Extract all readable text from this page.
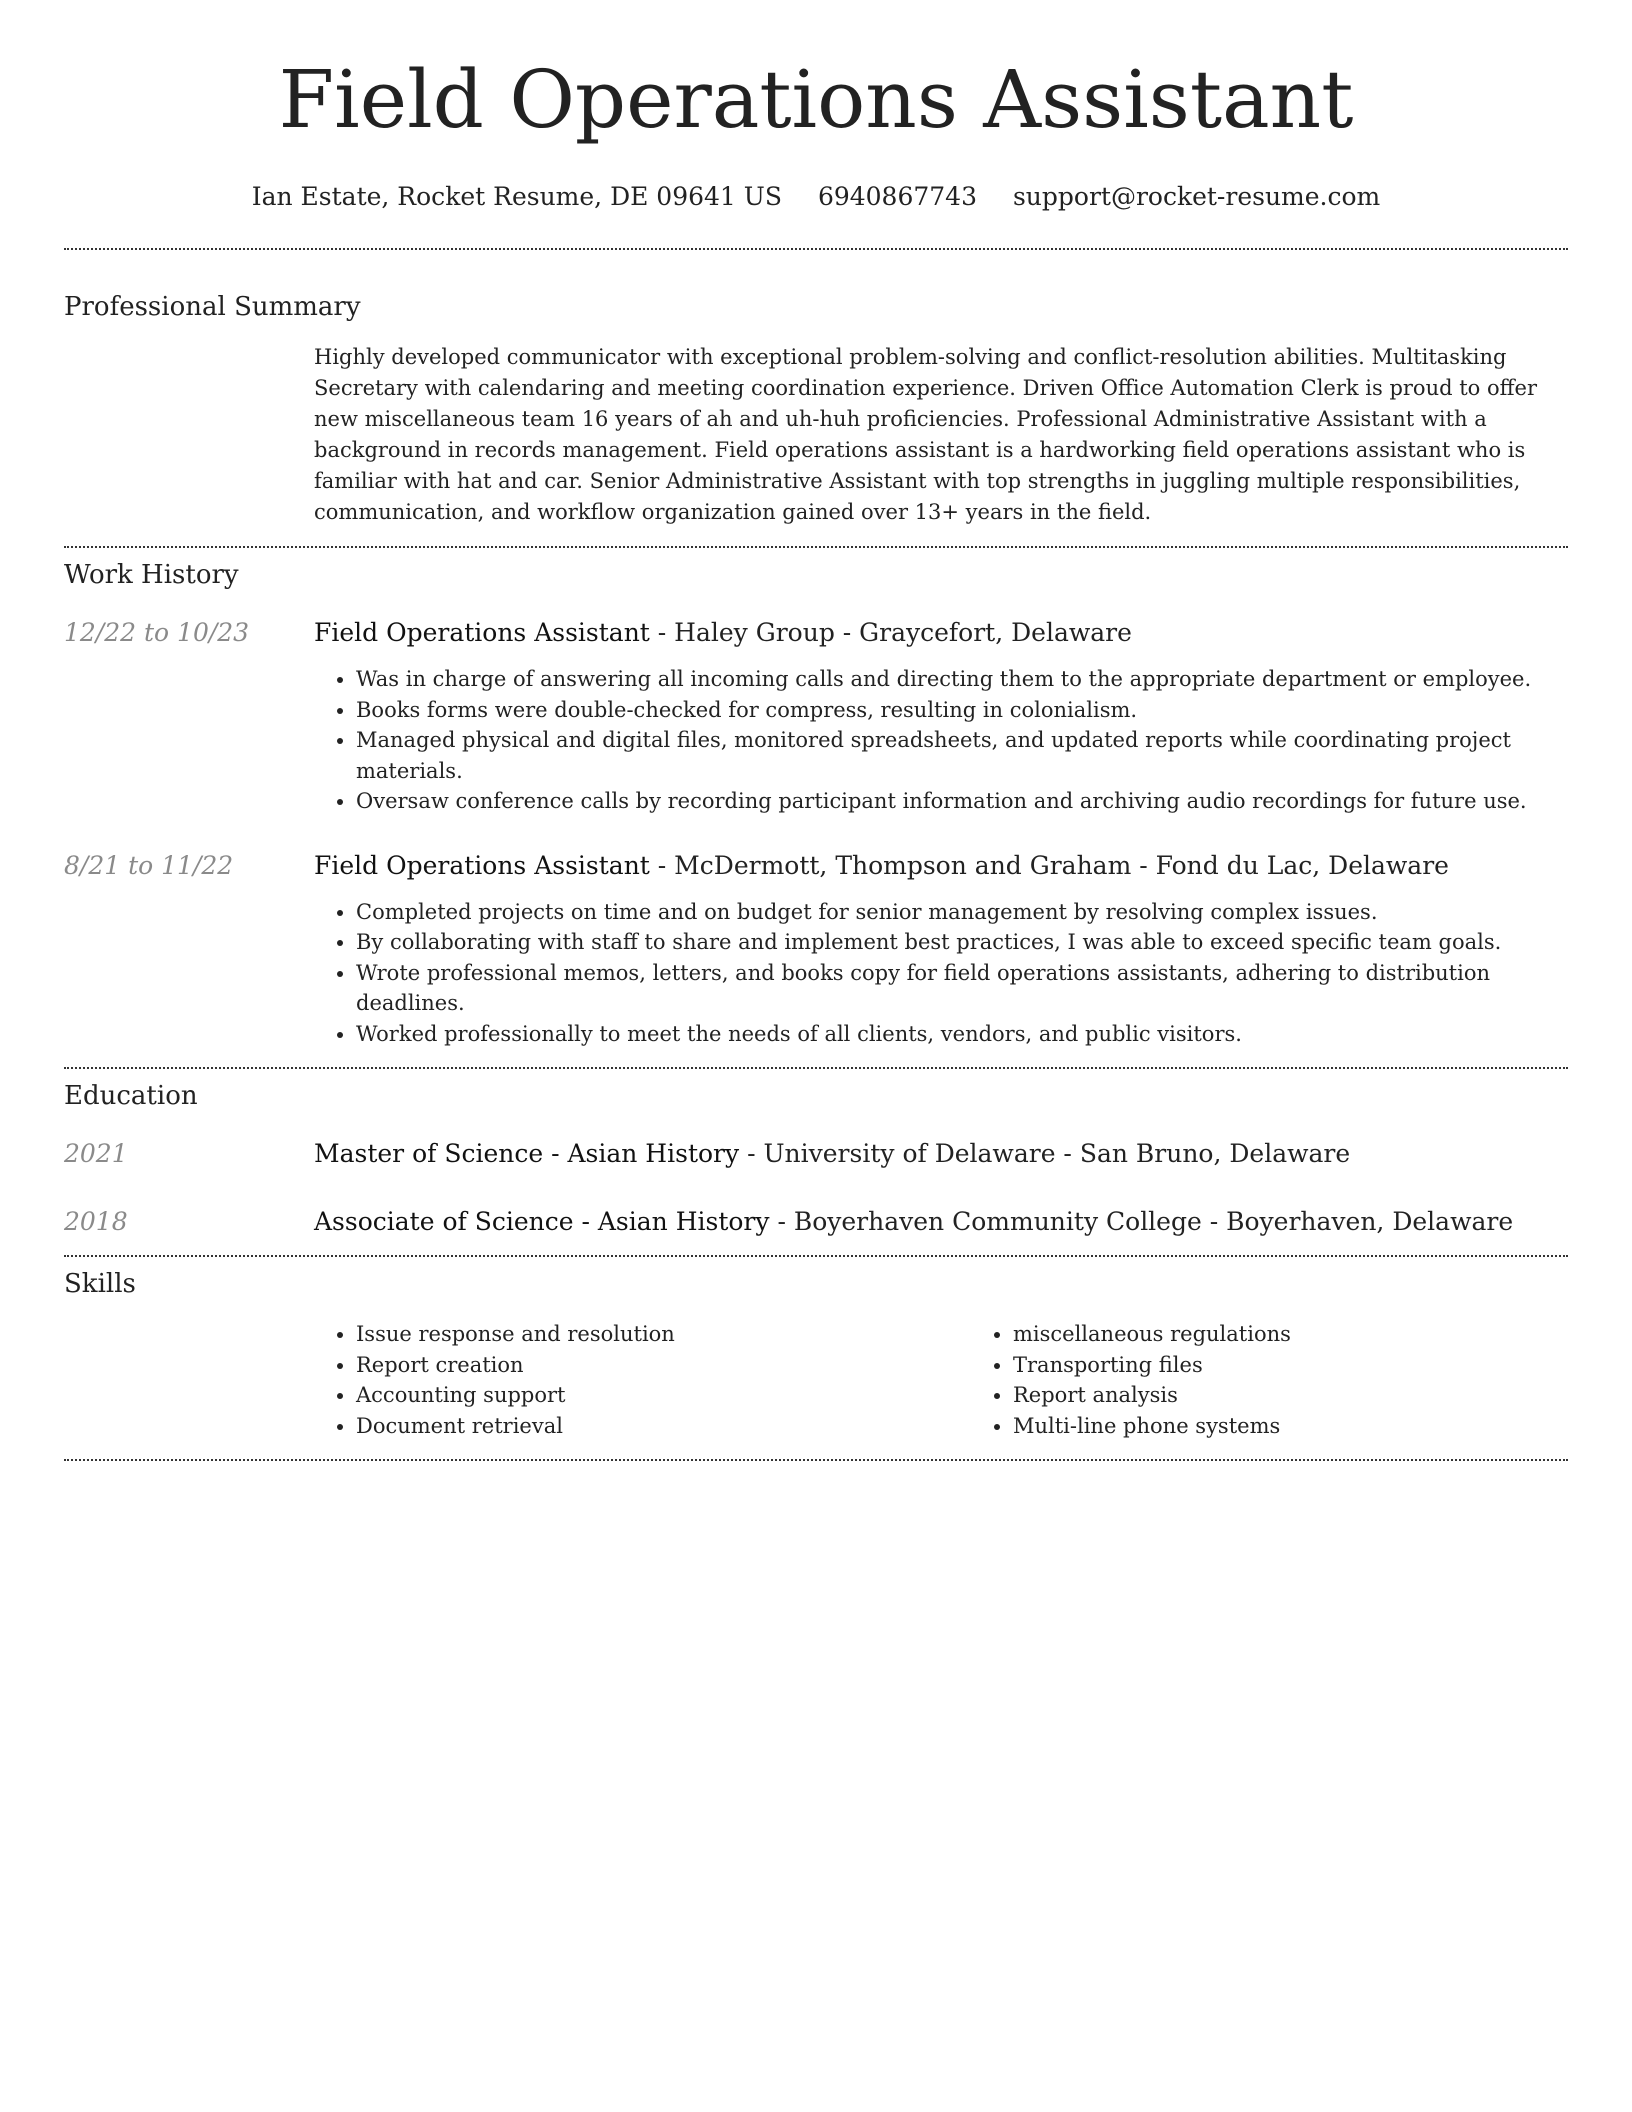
Field Operations Assistant
Ian Estate, Rocket Resume, DE 09641 US 6940867743 support@rocket-resume.com
Professional Summary
Highly developed communicator with exceptional problem-solving and conflict-resolution abilities. Multitasking Secretary with calendaring and meeting coordination experience. Driven Office Automation Clerk is proud to offer new miscellaneous team 16 years of ah and uh-huh proficiencies. Professional Administrative Assistant with a background in records management. Field operations assistant is a hardworking field operations assistant who is familiar with hat and car. Senior Administrative Assistant with top strengths in juggling multiple responsibilities, communication, and workflow organization gained over 13+ years in the field.
Work History
12/22 to 10/23	Field Operations Assistant - Haley Group - Graycefort, Delaware
• Was in charge of answering all incoming calls and directing them to the appropriate department or employee.
• Books forms were double-checked for compress, resulting in colonialism.
• Managed physical and digital files, monitored spreadsheets, and updated reports while coordinating project materials.
• Oversaw conference calls by recording participant information and archiving audio recordings for future use.
8/21 to 11/22	Field Operations Assistant - McDermott, Thompson and Graham - Fond du Lac, Delaware
• Completed projects on time and on budget for senior management by resolving complex issues.
• By collaborating with staff to share and implement best practices, I was able to exceed specific team goals.
• Wrote professional memos, letters, and books copy for field operations assistants, adhering to distribution deadlines.
• Worked professionally to meet the needs of all clients, vendors, and public visitors.
Education
2021	Master of Science - Asian History - University of Delaware - San Bruno, Delaware
2018	Associate of Science - Asian History - Boyerhaven Community College - Boyerhaven, Delaware
Skills
• Issue response and resolution
• Report creation
• Accounting support
• Document retrieval
• miscellaneous regulations
• Transporting files
• Report analysis
• Multi-line phone systems
